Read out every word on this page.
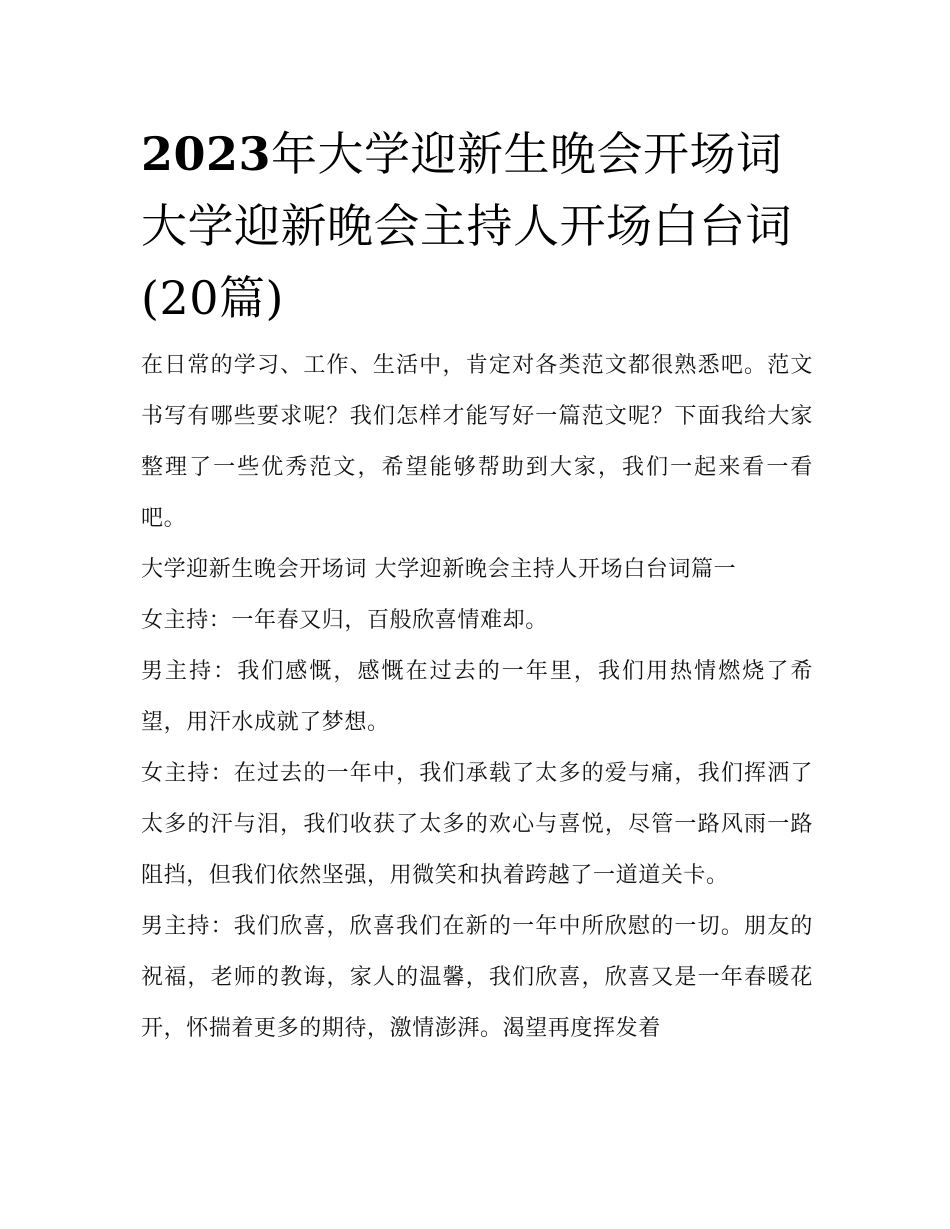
2023年大学迎新生晚会开场词 大学迎新晚会主持人开场白台词(20篇)

在日常的学习、工作、生活中，肯定对各类范文都很熟悉吧。范文书写有哪些要求呢？我们怎样才能写好一篇范文呢？下面我给大家整理了一些优秀范文，希望能够帮助到大家，我们一起来看一看吧。

大学迎新生晚会开场词 大学迎新晚会主持人开场白台词篇一

女主持：一年春又归，百般欣喜情难却。

男主持：我们感慨，感慨在过去的一年里，我们用热情燃烧了希望，用汗水成就了梦想。

女主持：在过去的一年中，我们承载了太多的爱与痛，我们挥洒了太多的汗与泪，我们收获了太多的欢心与喜悦，尽管一路风雨一路阻挡，但我们依然坚强，用微笑和执着跨越了一道道关卡。

男主持：我们欣喜，欣喜我们在新的一年中所欣慰的一切。朋友的祝福，老师的教诲，家人的温馨，我们欣喜，欣喜又是一年春暖花开，怀揣着更多的期待，激情澎湃。渴望再度挥发着
